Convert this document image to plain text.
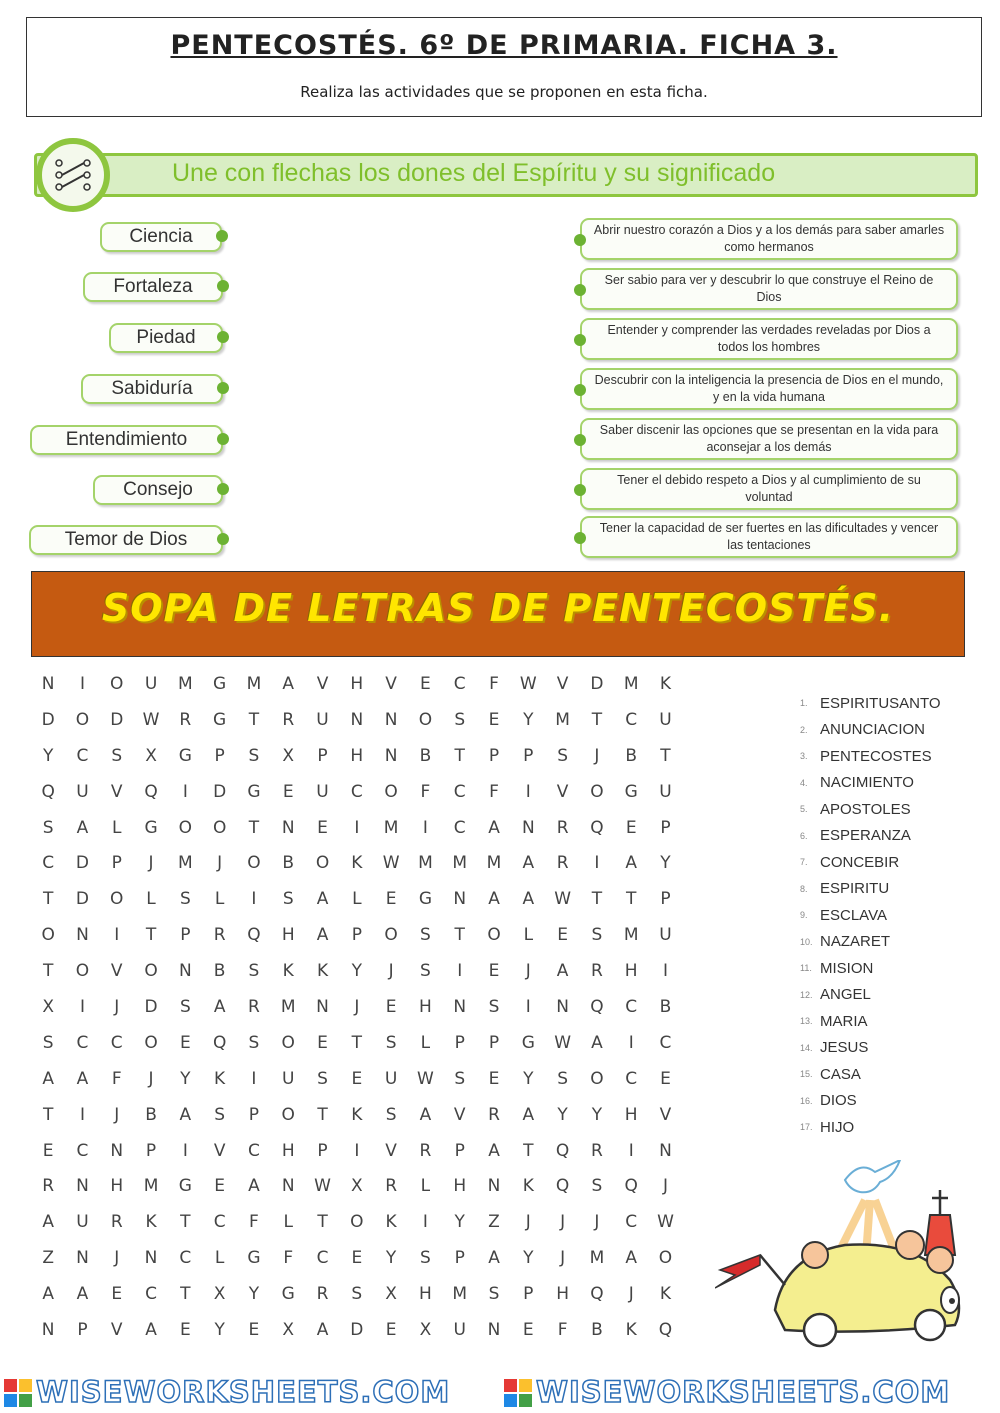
PENTECOSTÉS. 6º DE PRIMARIA. FICHA 3.
Realiza las actividades que se proponen en esta ficha.
Une con flechas los dones del Espíritu y su significado
Ciencia
Fortaleza
Piedad
Sabiduría
Entendimiento
Consejo
Temor de Dios
Abrir nuestro corazón a Dios y a los demás para saber amarles como hermanos
Ser sabio para ver y descubrir lo que construye el Reino de Dios
Entender y comprender las verdades reveladas por Dios a todos los hombres
Descubrir con la inteligencia la presencia de Dios en el mundo, y en la vida humana
Saber discenir las opciones que se presentan en la vida para aconsejar a los demás
Tener el debido respeto a Dios y al cumplimiento de su voluntad
Tener la capacidad de ser fuertes en las dificultades y vencer las tentaciones
SOPA DE LETRAS DE PENTECOSTÉS.
N	I	O	U	M	G	M	A	V	H	V	E	C	F	W	V	D	M	K
D	O	D	W	R	G	T	R	U	N	N	O	S	E	Y	M	T	C	U
Y	C	S	X	G	P	S	X	P	H	N	B	T	P	P	S	J	B	T
Q	U	V	Q	I	D	G	E	U	C	O	F	C	F	I	V	O	G	U
S	A	L	G	O	O	T	N	E	I	M	I	C	A	N	R	Q	E	P
C	D	P	J	M	J	O	B	O	K	W	M	M	M	A	R	I	A	Y
T	D	O	L	S	L	I	S	A	L	E	G	N	A	A	W	T	T	P
O	N	I	T	P	R	Q	H	A	P	O	S	T	O	L	E	S	M	U
T	O	V	O	N	B	S	K	K	Y	J	S	I	E	J	A	R	H	I
X	I	J	D	S	A	R	M	N	J	E	H	N	S	I	N	Q	C	B
S	C	C	O	E	Q	S	O	E	T	S	L	P	P	G	W	A	I	C
A	A	F	J	Y	K	I	U	S	E	U	W	S	E	Y	S	O	C	E
T	I	J	B	A	S	P	O	T	K	S	A	V	R	A	Y	Y	H	V
E	C	N	P	I	V	C	H	P	I	V	R	P	A	T	Q	R	I	N
R	N	H	M	G	E	A	N	W	X	R	L	H	N	K	Q	S	Q	J
A	U	R	K	T	C	F	L	T	O	K	I	Y	Z	J	J	J	C	W
Z	N	J	N	C	L	G	F	C	E	Y	S	P	A	Y	J	M	A	O
A	A	E	C	T	X	Y	G	R	S	X	H	M	S	P	H	Q	J	K
N	P	V	A	E	Y	E	X	A	D	E	X	U	N	E	F	B	K	Q
1. ESPIRITUSANTO
2. ANUNCIACION
3. PENTECOSTES
4. NACIMIENTO
5. APOSTOLES
6. ESPERANZA
7. CONCEBIR
8. ESPIRITU
9. ESCLAVA
10. NAZARET
11. MISION
12. ANGEL
13. MARIA
14. JESUS
15. CASA
16. DIOS
17. HIJO
WISEWORKSHEETS.COM	WISEWORKSHEETS.COM
